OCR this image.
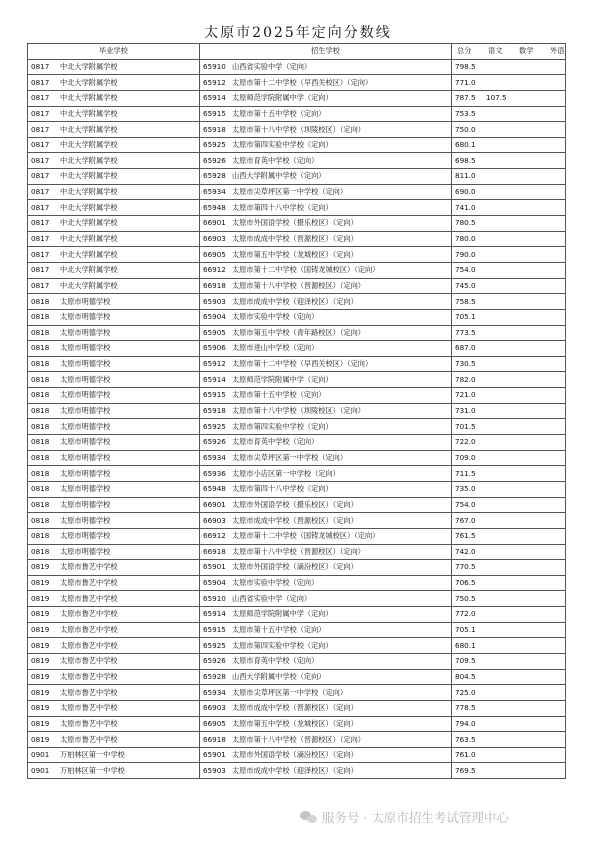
太原市2025年定向分数线
毕业学校	招生学校	总分 语文 数学 外语
0817 中北大学附属学校	65910 山西省实验中学（定向）	798.5
0817 中北大学附属学校	65912 太原市第十二中学校（早西关校区）（定向）	771.0
0817 中北大学附属学校	65914 太原师范学院附属中学（定向）	787.5 107.5
0817 中北大学附属学校	65915 太原市第十五中学校（定向）	753.5
0817 中北大学附属学校	65918 太原市第十八中学校（坝陵校区）（定向）	750.0
0817 中北大学附属学校	65925 太原市第四实验中学校（定向）	680.1
0817 中北大学附属学校	65926 太原市育英中学校（定向）	698.5
0817 中北大学附属学校	65928 山西大学附属中学校（定向）	811.0
0817 中北大学附属学校	65934 太原市尖草坪区第一中学校（定向）	690.0
0817 中北大学附属学校	65948 太原市第四十八中学校（定向）	741.0
0817 中北大学附属学校	66901 太原市外国语学校（摄乐校区）（定向）	780.5
0817 中北大学附属学校	66903 太原市成成中学校（晋源校区）（定向）	780.0
0817 中北大学附属学校	66905 太原市第五中学校（龙城校区）（定向）	790.0
0817 中北大学附属学校	66912 太原市第十二中学校（国铸龙城校区）（定向）	754.0
0817 中北大学附属学校	66918 太原市第十八中学校（晋源校区）（定向）	745.0
0818 太原市明德学校	65903 太原市成成中学校（迎泽校区）（定向）	758.5
0818 太原市明德学校	65904 太原市实验中学校（定向）	705.1
0818 太原市明德学校	65905 太原市第五中学校（青年路校区）（定向）	773.5
0818 太原市明德学校	65906 太原市进山中学校（定向）	687.0
0818 太原市明德学校	65912 太原市第十二中学校（早西关校区）（定向）	730.5
0818 太原市明德学校	65914 太原师范学院附属中学（定向）	782.0
0818 太原市明德学校	65915 太原市第十五中学校（定向）	721.0
0818 太原市明德学校	65918 太原市第十八中学校（坝陵校区）（定向）	731.0
0818 太原市明德学校	65925 太原市第四实验中学校（定向）	701.5
0818 太原市明德学校	65926 太原市育英中学校（定向）	722.0
0818 太原市明德学校	65934 太原市尖草坪区第一中学校（定向）	709.0
0818 太原市明德学校	65936 太原市小店区第一中学校（定向）	711.5
0818 太原市明德学校	65948 太原市第四十八中学校（定向）	735.0
0818 太原市明德学校	66901 太原市外国语学校（摄乐校区）（定向）	754.0
0818 太原市明德学校	66903 太原市成成中学校（晋源校区）（定向）	767.0
0818 太原市明德学校	66912 太原市第十二中学校（国铸龙城校区）（定向）	761.5
0818 太原市明德学校	66918 太原市第十八中学校（晋源校区）（定向）	742.0
0819 太原市鲁艺中学校	65901 太原市外国语学校（滴汾校区）（定向）	770.5
0819 太原市鲁艺中学校	65904 太原市实验中学校（定向）	706.5
0819 太原市鲁艺中学校	65910 山西省实验中学（定向）	750.5
0819 太原市鲁艺中学校	65914 太原师范学院附属中学（定向）	772.0
0819 太原市鲁艺中学校	65915 太原市第十五中学校（定向）	705.1
0819 太原市鲁艺中学校	65925 太原市第四实验中学校（定向）	680.1
0819 太原市鲁艺中学校	65926 太原市育英中学校（定向）	709.5
0819 太原市鲁艺中学校	65928 山西大学附属中学校（定向）	804.5
0819 太原市鲁艺中学校	65934 太原市尖草坪区第一中学校（定向）	725.0
0819 太原市鲁艺中学校	66903 太原市成成中学校（晋源校区）（定向）	778.5
0819 太原市鲁艺中学校	66905 太原市第五中学校（龙城校区）（定向）	794.0
0819 太原市鲁艺中学校	66918 太原市第十八中学校（晋源校区）（定向）	763.5
0901 万柏林区第一中学校	65901 太原市外国语学校（滴汾校区）（定向）	761.0
0901 万柏林区第一中学校	65903 太原市成成中学校（迎泽校区）（定向）	769.5
服务号 · 太原市招生考试管理中心
